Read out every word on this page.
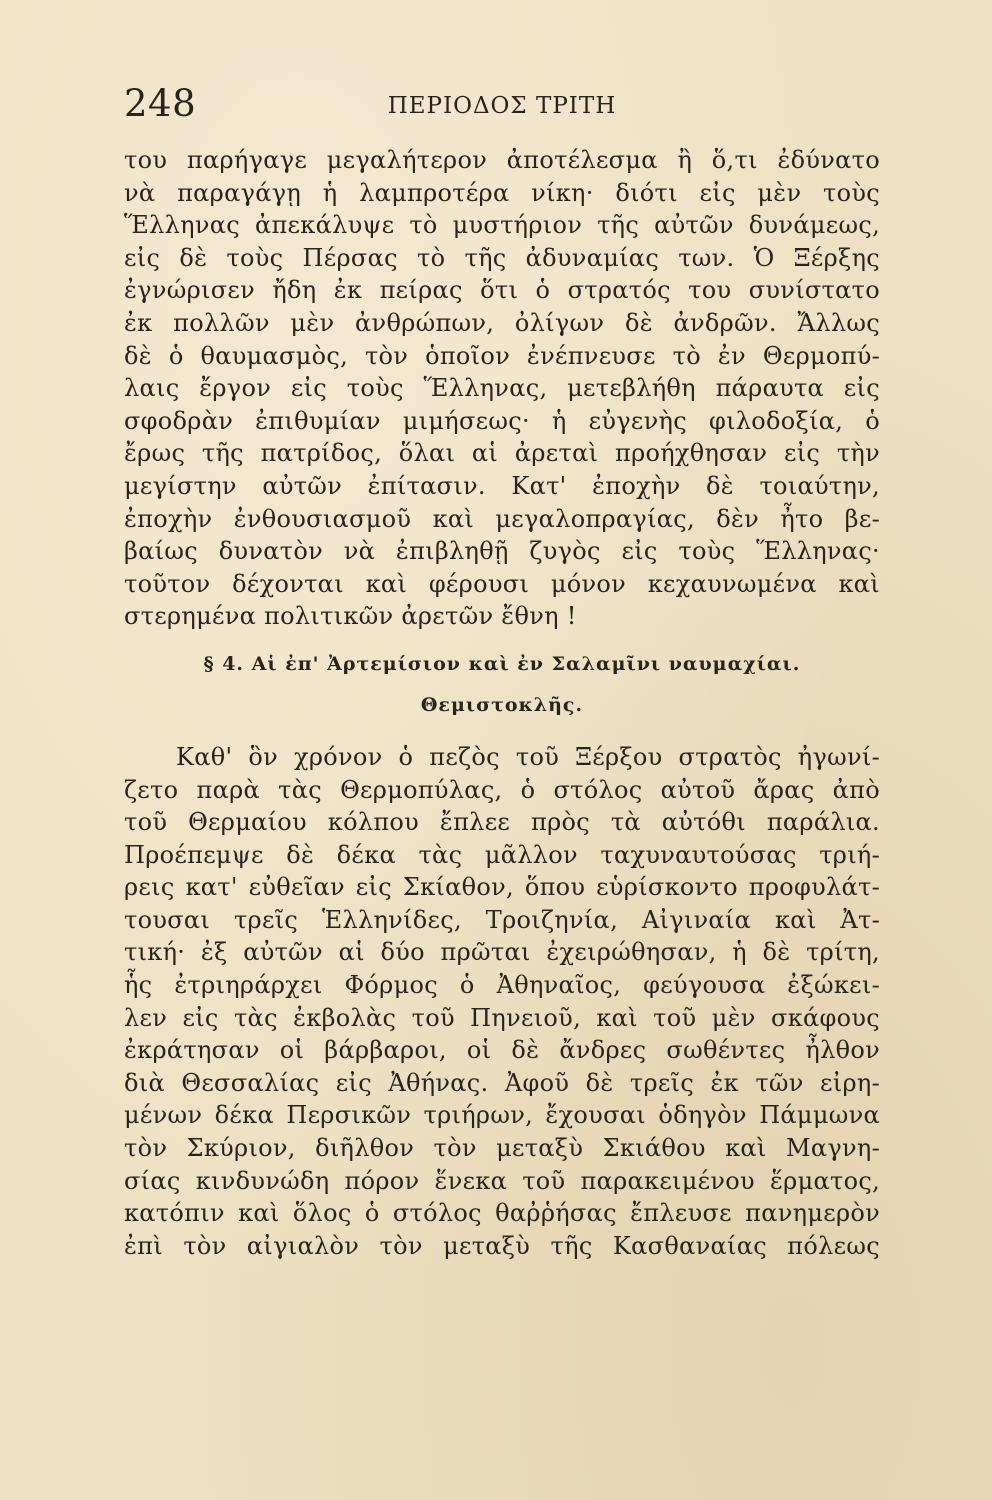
248	ΠΕΡΙΟΔΟΣ ΤΡΙΤΗ
του παρήγαγε μεγαλήτερον ἀποτέλεσμα ἢ ὅ,τι ἐδύνατο
νὰ παραγάγῃ ἡ λαμπροτέρα νίκη· διότι εἰς μὲν τοὺς
Ἕλληνας ἀπεκάλυψε τὸ μυστήριον τῆς αὐτῶν δυνάμεως,
εἰς δὲ τοὺς Πέρσας τὸ τῆς ἀδυναμίας των. Ὁ Ξέρξης
ἐγνώρισεν ἤδη ἐκ πείρας ὅτι ὁ στρατός του συνίστατο
ἐκ πολλῶν μὲν ἀνθρώπων, ὀλίγων δὲ ἀνδρῶν. Ἄλλως
δὲ ὁ θαυμασμὸς, τὸν ὁποῖον ἐνέπνευσε τὸ ἐν Θερμοπύ-
λαις ἔργον εἰς τοὺς Ἕλληνας, μετεβλήθη πάραυτα εἰς
σφοδρὰν ἐπιθυμίαν μιμήσεως· ἡ εὐγενὴς φιλοδοξία, ὁ
ἔρως τῆς πατρίδος, ὅλαι αἱ ἀρεταὶ προήχθησαν εἰς τὴν
μεγίστην αὐτῶν ἐπίτασιν. Κατ' ἐποχὴν δὲ τοιαύτην,
ἐποχὴν ἐνθουσιασμοῦ καὶ μεγαλοπραγίας, δὲν ἦτο βε-
βαίως δυνατὸν νὰ ἐπιβληθῇ ζυγὸς εἰς τοὺς Ἕλληνας·
τοῦτον δέχονται καὶ φέρουσι μόνον κεχαυνωμένα καὶ
στερημένα πολιτικῶν ἀρετῶν ἔθνη !
§ 4. Αἱ ἐπ' Ἀρτεμίσιον καὶ ἐν Σαλαμῖνι ναυμαχίαι.
Θεμιστοκλῆς.
Καθ' ὃν χρόνον ὁ πεζὸς τοῦ Ξέρξου στρατὸς ἠγωνί-
ζετο παρὰ τὰς Θερμοπύλας, ὁ στόλος αὐτοῦ ἄρας ἀπὸ
τοῦ Θερμαίου κόλπου ἔπλεε πρὸς τὰ αὐτόθι παράλια.
Προέπεμψε δὲ δέκα τὰς μᾶλλον ταχυναυτούσας τριή-
ρεις κατ' εὐθεῖαν εἰς Σκίαθον, ὅπου εὑρίσκοντο προφυλάτ-
τουσαι τρεῖς Ἑλληνίδες, Τροιζηνία, Αἰγιναία καὶ Ἀτ-
τική· ἐξ αὐτῶν αἱ δύο πρῶται ἐχειρώθησαν, ἡ δὲ τρίτη,
ἧς ἐτριηράρχει Φόρμος ὁ Ἀθηναῖος, φεύγουσα ἐξώκει-
λεν εἰς τὰς ἐκβολὰς τοῦ Πηνειοῦ, καὶ τοῦ μὲν σκάφους
ἐκράτησαν οἱ βάρβαροι, οἱ δὲ ἄνδρες σωθέντες ἦλθον
διὰ Θεσσαλίας εἰς Ἀθήνας. Ἀφοῦ δὲ τρεῖς ἐκ τῶν εἰρη-
μένων δέκα Περσικῶν τριήρων, ἔχουσαι ὁδηγὸν Πάμμωνα
τὸν Σκύριον, διῆλθον τὸν μεταξὺ Σκιάθου καὶ Μαγνη-
σίας κινδυνώδη πόρον ἕνεκα τοῦ παρακειμένου ἕρματος,
κατόπιν καὶ ὅλος ὁ στόλος θαῤῥήσας ἔπλευσε πανημερὸν
ἐπὶ τὸν αἰγιαλὸν τὸν μεταξὺ τῆς Κασθαναίας πόλεως
